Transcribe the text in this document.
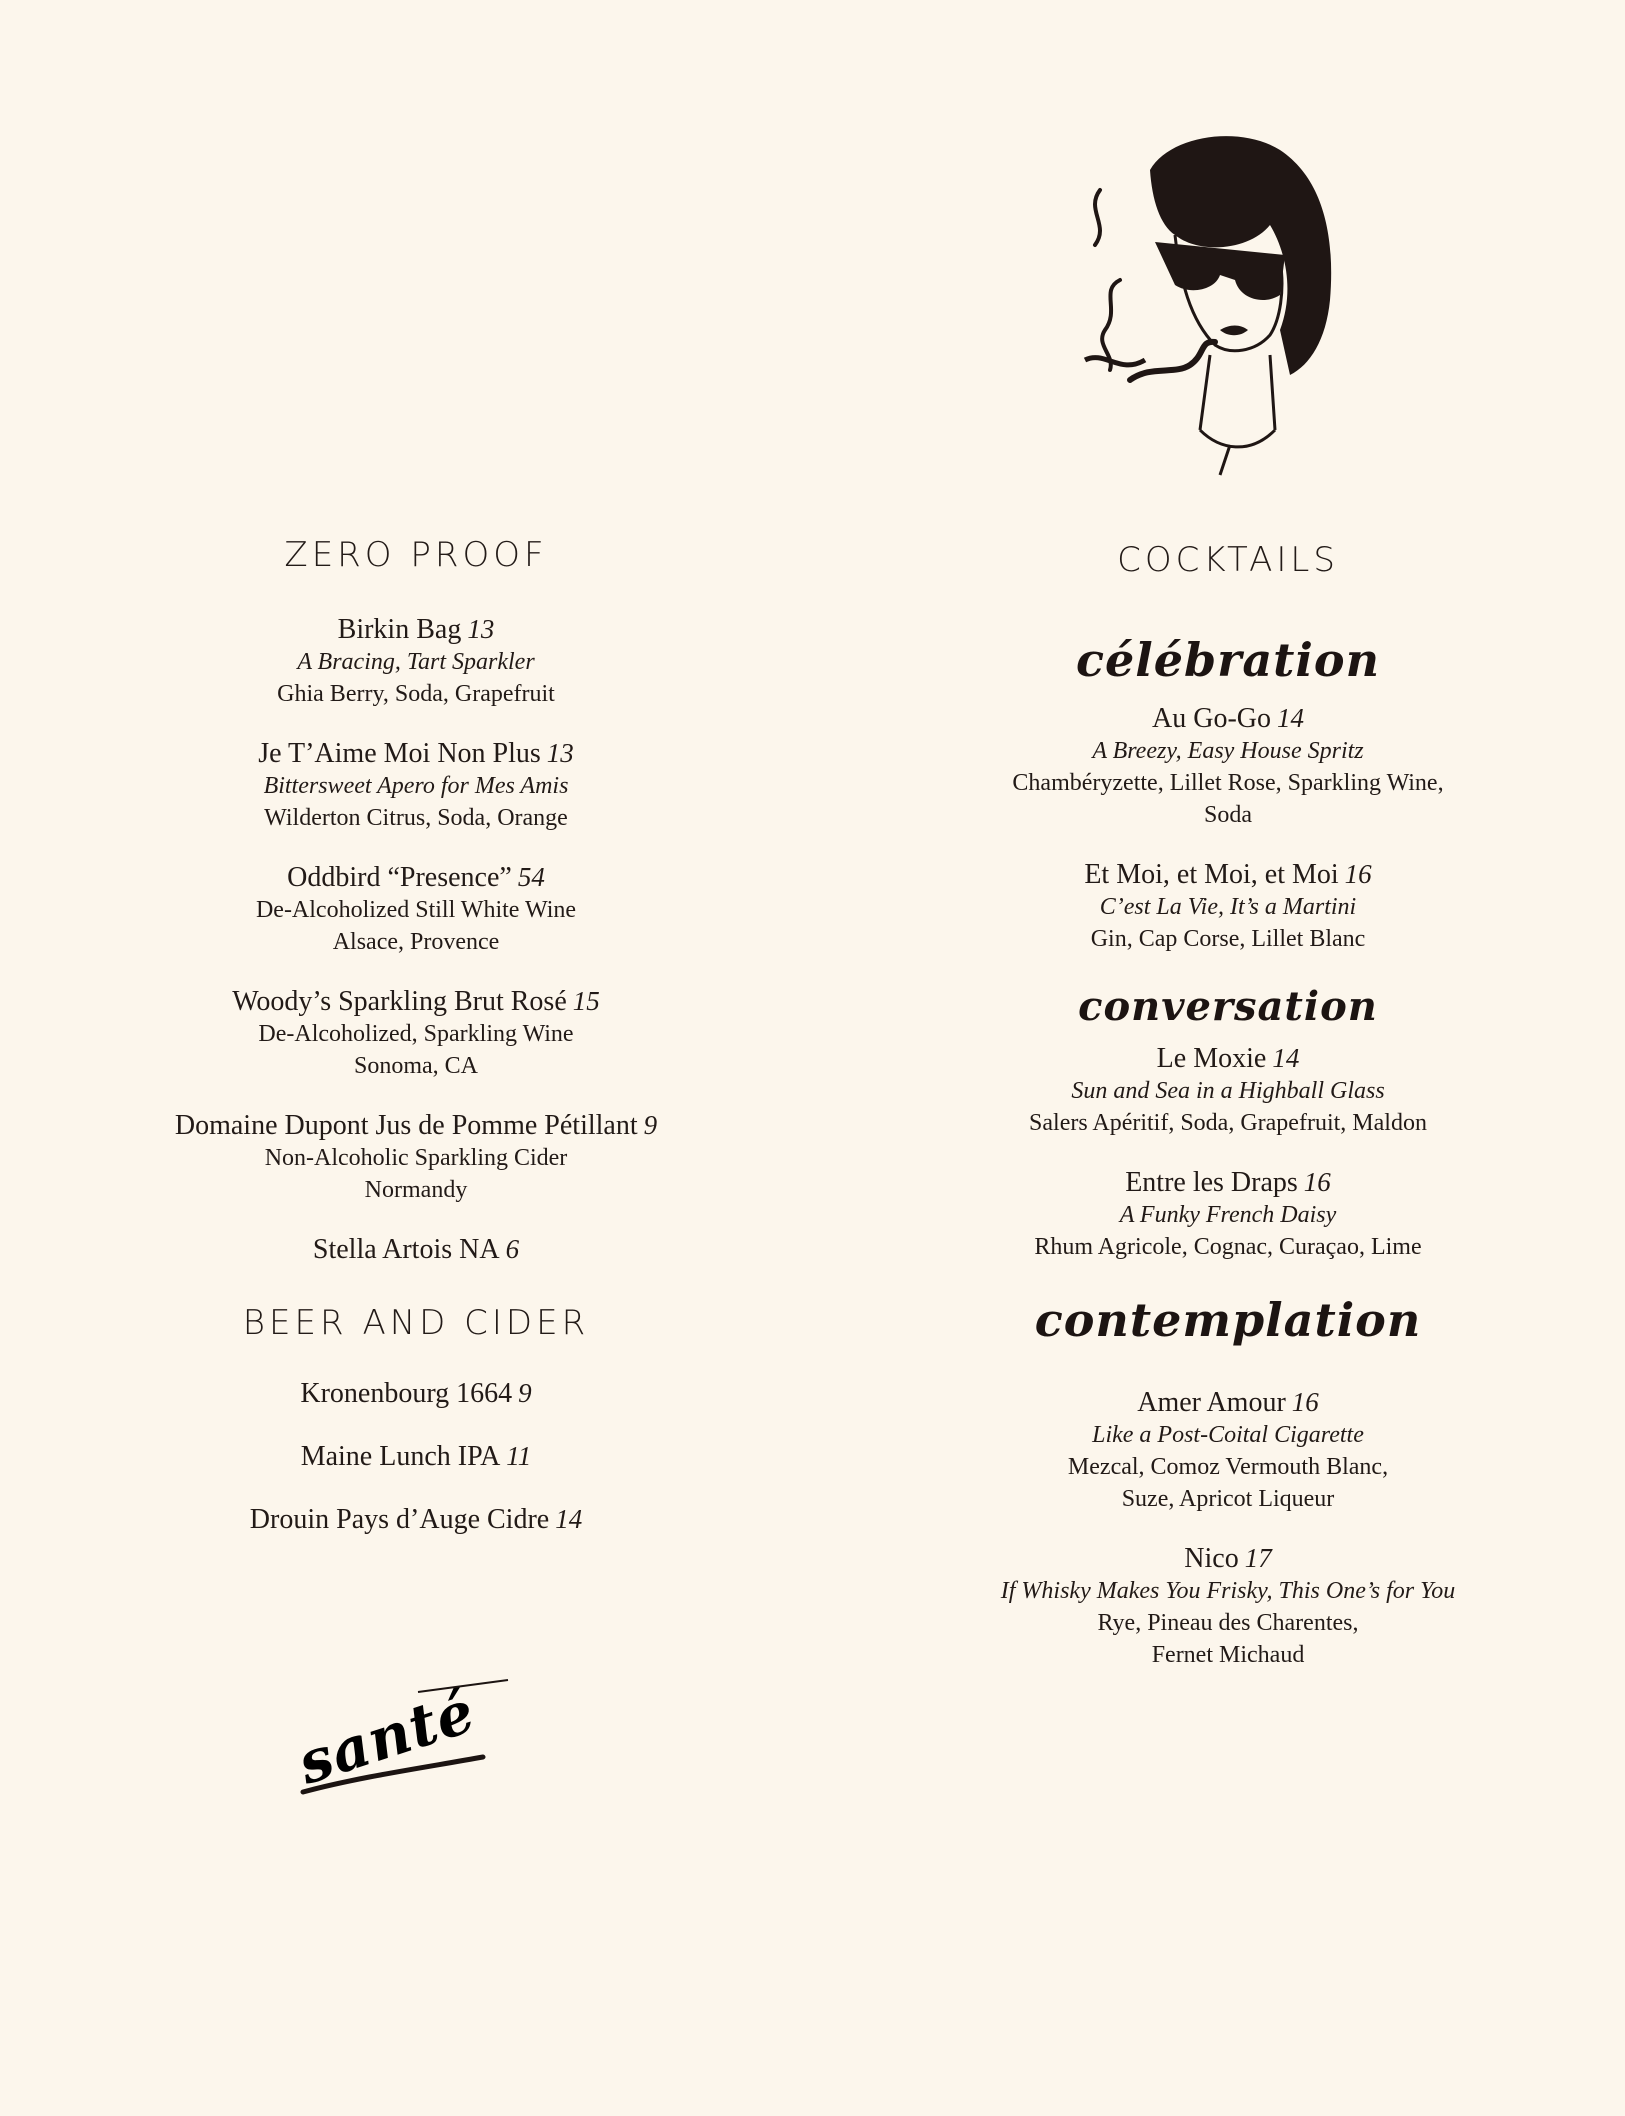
ZERO PROOF
Birkin Bag 13
A Bracing, Tart Sparkler
Ghia Berry, Soda, Grapefruit
Je T’Aime Moi Non Plus 13
Bittersweet Apero for Mes Amis
Wilderton Citrus, Soda, Orange
Oddbird “Presence” 54
De-Alcoholized Still White Wine
Alsace, Provence
Woody’s Sparkling Brut Rosé 15
De-Alcoholized, Sparkling Wine
Sonoma, CA
Domaine Dupont Jus de Pomme Pétillant 9
Non-Alcoholic Sparkling Cider
Normandy
Stella Artois NA 6
BEER AND CIDER
Kronenbourg 1664 9
Maine Lunch IPA 11
Drouin Pays d’Auge Cidre 14
santé
COCKTAILS
célébration
Au Go-Go 14
A Breezy, Easy House Spritz
Chambéryzette, Lillet Rose, Sparkling Wine,
Soda
Et Moi, et Moi, et Moi 16
C’est La Vie, It’s a Martini
Gin, Cap Corse, Lillet Blanc
conversation
Le Moxie 14
Sun and Sea in a Highball Glass
Salers Apéritif, Soda, Grapefruit, Maldon
Entre les Draps 16
A Funky French Daisy
Rhum Agricole, Cognac, Curaçao, Lime
contemplation
Amer Amour 16
Like a Post-Coital Cigarette
Mezcal, Comoz Vermouth Blanc,
Suze, Apricot Liqueur
Nico 17
If Whisky Makes You Frisky, This One’s for You
Rye, Pineau des Charentes,
Fernet Michaud
